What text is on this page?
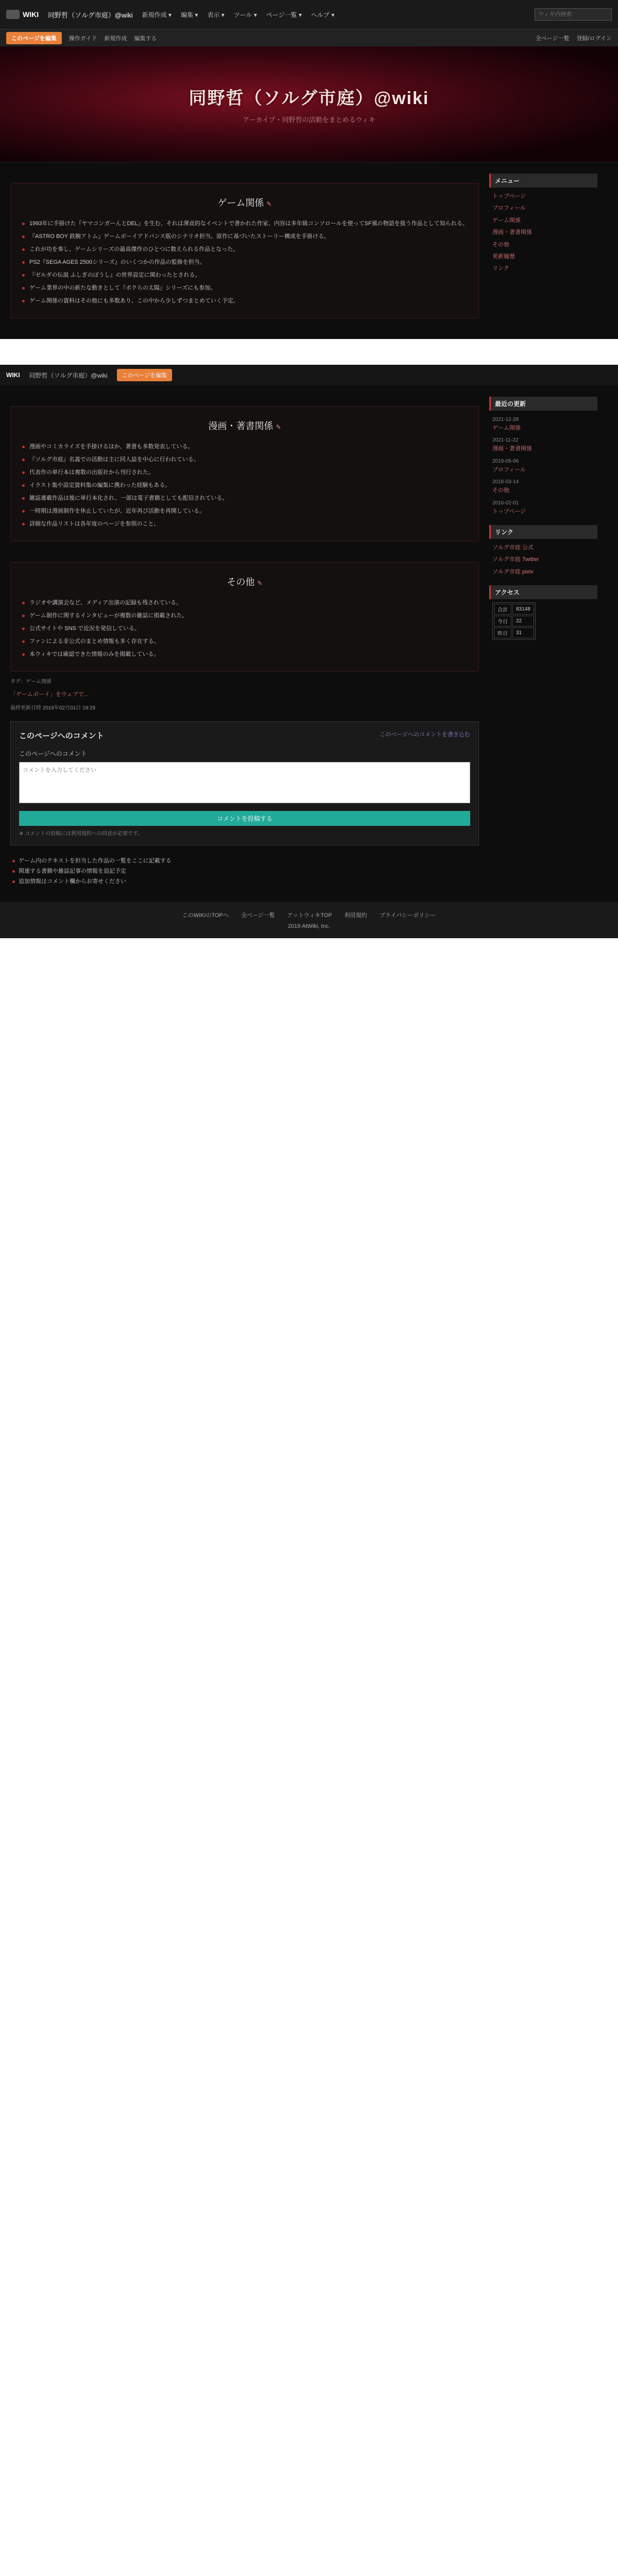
WIKI 同野哲（ソルグ市庭）@wiki 新規作成 ▾ 編集 ▾ 表示 ▾ ツール ▾ ページ一覧 ▾ ヘルプ ▾
ウィキ内検索
このページを編集	操作ガイド 新規作成 編集する	全ページ一覧 登録/ログイン
同野哲（ソルグ市庭）@wiki
アーカイブ・同野哲の活動をまとめるウィキ
ゲーム関係 ✎
1993年に手掛けた『ヤマコンガーんとDEL』を生む、それは薄貢的なイベントで書かれた作家。内容は多年級コンソロールを使ってSF風の物語を扱う作品として知られる。
『ASTRO BOY 鉄腕アトム』ゲームボーイアドバンス版のシナリオ担当。原作に基づいたストーリー構成を手掛ける。
これが功を奏し、ゲームシリーズの最高傑作のひとつに数えられる作品となった。
PS2『SEGA AGES 2500シリーズ』のいくつかの作品の監修を担当。
『ゼルダの伝説 ふしぎのぼうし』の世界設定に関わったとされる。
ゲーム業界の中の新たな動きとして『ボクらの太陽』シリーズにも参加。
ゲーム関係の資料はその他にも多数あり、この中から少しずつまとめていく予定。
メニュー
トップページ
プロフィール
ゲーム関係
漫画・著書関係
その他
更新履歴
リンク
WIKI 同野哲（ソルグ市庭）@wiki	このページを編集
漫画・著書関係 ✎
漫画やコミカライズを手掛けるほか、著書も多数発表している。
『ソルグ市庭』名義での活動は主に同人誌を中心に行われている。
代表作の単行本は複数の出版社から刊行された。
イラスト集や設定資料集の編集に携わった経験もある。
雑誌連載作品は後に単行本化され、一部は電子書籍としても配信されている。
一時期は漫画制作を休止していたが、近年再び活動を再開している。
詳細な作品リストは各年度のページを参照のこと。
その他 ✎
ラジオや講演会など、メディア出演の記録も残されている。
ゲーム制作に関するインタビューが複数の雑誌に掲載された。
公式サイトや SNS で近況を発信している。
ファンによる非公式のまとめ情報も多く存在する。
本ウィキでは確認できた情報のみを掲載している。
タグ：ゲーム関係
「ゲームボーイ」をウェブで...
最終更新日時 2016年02月01日 19:29
このページへのコメントを書き込む
このページへのコメント
このページへのコメント
コメントを入力してください
コメントを投稿する
※ コメントの投稿には利用規約への同意が必要です。
ゲーム内のテキストを担当した作品の一覧をここに記載する
関連する書籍や雑誌記事の情報を追記予定
追加情報はコメント欄からお寄せください
最近の更新
2021-12-28
ゲーム関係
2021-11-22
漫画・著書関係
2019-05-06
プロフィール
2018-03-14
その他
2016-02-01
トップページ
リンク
ソルグ市庭 公式
ソルグ市庭 Twitter
ソルグ市庭 pixiv
アクセス
合計	83148
今日	22
昨日	31
このWIKIのTOPへ 全ページ一覧 アットウィキTOP 利用規約 プライバシーポリシー
2019 AtWiki, Inc.
